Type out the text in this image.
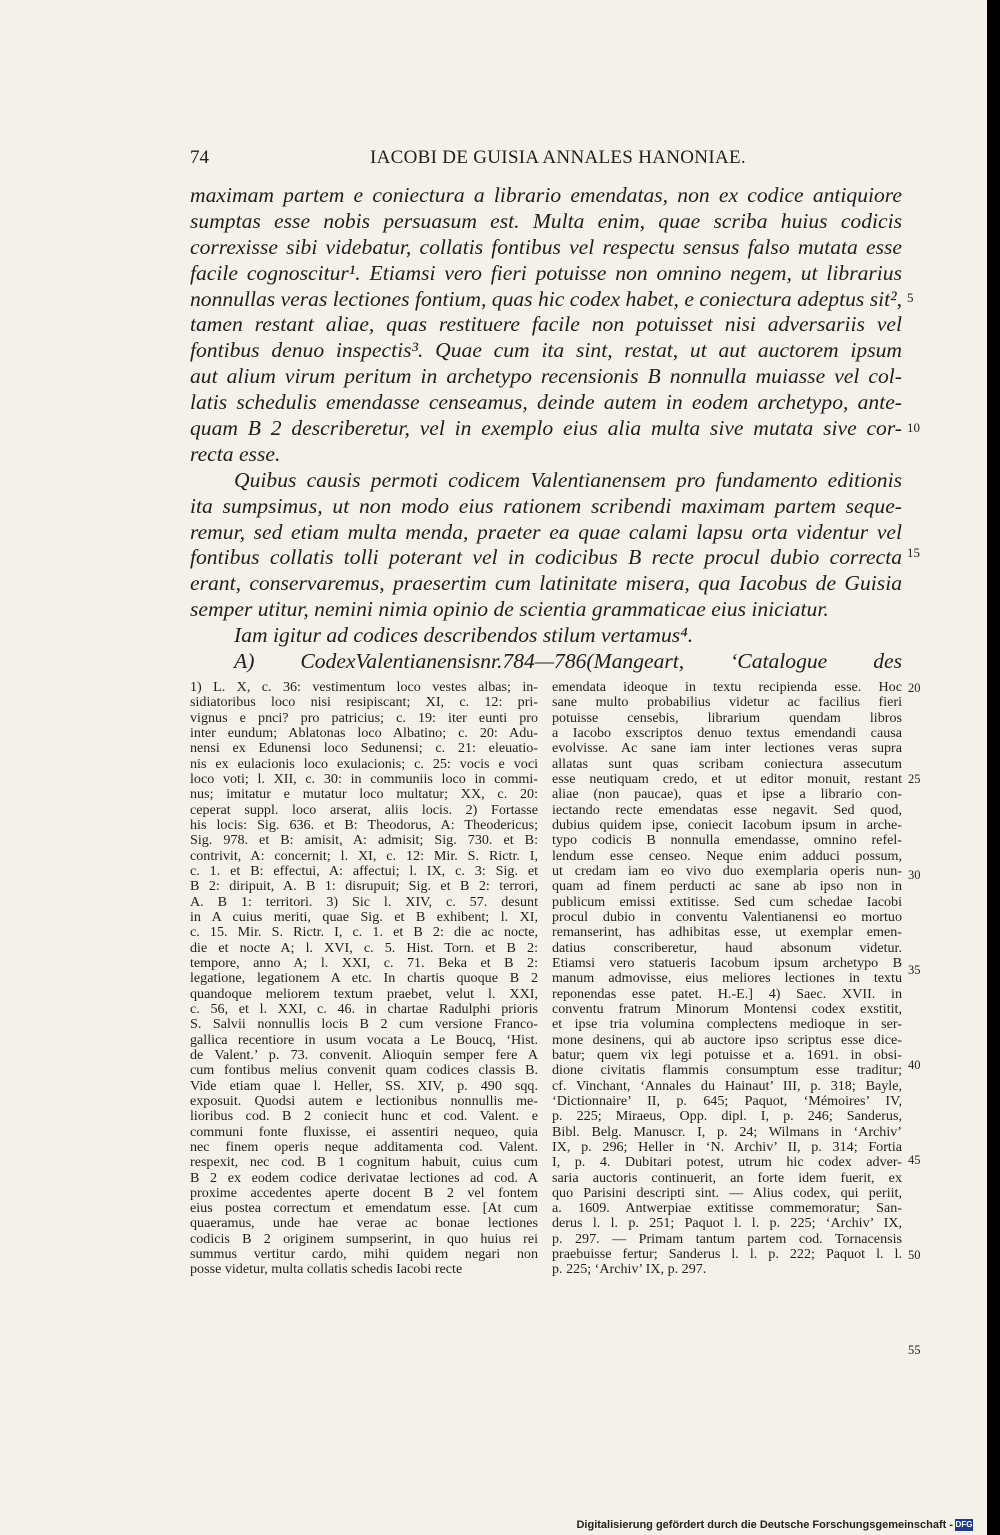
74	IACOBI DE GUISIA ANNALES HANONIAE.
maximam partem e coniectura a librario emendatas, non ex codice antiquiore
sumptas esse nobis persuasum est. Multa enim, quae scriba huius codicis
correxisse sibi videbatur, collatis fontibus vel respectu sensus falso mutata esse
facile cognoscitur¹. Etiamsi vero fieri potuisse non omnino negem, ut librarius
nonnullas veras lectiones fontium, quas hic codex habet, e coniectura adeptus sit²,
tamen restant aliae, quas restituere facile non potuisset nisi adversariis vel
fontibus denuo inspectis³. Quae cum ita sint, restat, ut aut auctorem ipsum
aut alium virum peritum in archetypo recensionis B nonnulla muiasse vel col-
latis schedulis emendasse censeamus, deinde autem in eodem archetypo, ante-
quam B 2 describeretur, vel in exemplo eius alia multa sive mutata sive cor-
recta esse.
Quibus causis permoti codicem Valentianensem pro fundamento editionis
ita sumpsimus, ut non modo eius rationem scribendi maximam partem seque-
remur, sed etiam multa menda, praeter ea quae calami lapsu orta videntur vel
fontibus collatis tolli poterant vel in codicibus B recte procul dubio correcta
erant, conservaremus, praesertim cum latinitate misera, qua Iacobus de Guisia
semper utitur, nemini nimia opinio de scientia grammaticae eius iniciatur.
Iam igitur ad codices describendos stilum vertamus⁴.
A) CodexValentianensisnr.784—786(Mangeart, ‘Catalogue des
5
10
15
1) L. X, c. 36: vestimentum loco vestes albas; in-
sidiatoribus loco nisi resipiscant; XI, c. 12: pri-
vignus e pnci? pro patricius; c. 19: iter eunti pro
inter eundum; Ablatonas loco Albatino; c. 20: Adu-
nensi ex Edunensi loco Sedunensi; c. 21: eleuatio-
nis ex eulacionis loco exulacionis; c. 25: vocis e voci
loco voti; l. XII, c. 30: in communiis loco in commi-
nus; imitatur e mutatur loco multatur; XX, c. 20:
ceperat suppl. loco arserat, aliis locis. 2) Fortasse
his locis: Sig. 636. et B: Theodorus, A: Theodericus;
Sig. 978. et B: amisit, A: admisit; Sig. 730. et B:
contrivit, A: concernit; l. XI, c. 12: Mir. S. Rictr. I,
c. 1. et B: effectui, A: affectui; l. IX, c. 3: Sig. et
B 2: diripuit, A. B 1: disrupuit; Sig. et B 2: terrori,
A. B 1: territori. 3) Sic l. XIV, c. 57. desunt
in A cuius meriti, quae Sig. et B exhibent; l. XI,
c. 15. Mir. S. Rictr. I, c. 1. et B 2: die ac nocte,
die et nocte A; l. XVI, c. 5. Hist. Torn. et B 2:
tempore, anno A; l. XXI, c. 71. Beka et B 2:
legatione, legationem A etc. In chartis quoque B 2
quandoque meliorem textum praebet, velut l. XXI,
c. 56, et l. XXI, c. 46. in chartae Radulphi prioris
S. Salvii nonnullis locis B 2 cum versione Franco-
gallica recentiore in usum vocata a Le Boucq, ‘Hist.
de Valent.’ p. 73. convenit. Alioquin semper fere A
cum fontibus melius convenit quam codices classis B.
Vide etiam quae l. Heller, SS. XIV, p. 490 sqq.
exposuit. Quodsi autem e lectionibus nonnullis me-
lioribus cod. B 2 coniecit hunc et cod. Valent. e
communi fonte fluxisse, ei assentiri nequeo, quia
nec finem operis neque additamenta cod. Valent.
respexit, nec cod. B 1 cognitum habuit, cuius cum
B 2 ex eodem codice derivatae lectiones ad cod. A
proxime accedentes aperte docent B 2 vel fontem
eius postea correctum et emendatum esse. [At cum
quaeramus, unde hae verae ac bonae lectiones
codicis B 2 originem sumpserint, in quo huius rei
summus vertitur cardo, mihi quidem negari non
posse videtur, multa collatis schedis Iacobi recte
emendata ideoque in textu recipienda esse. Hoc
sane multo probabilius videtur ac facilius fieri
potuisse censebis, librarium quendam libros
a Iacobo exscriptos denuo textus emendandi causa
evolvisse. Ac sane iam inter lectiones veras supra
allatas sunt quas scribam coniectura assecutum
esse neutiquam credo, et ut editor monuit, restant
aliae (non paucae), quas et ipse a librario con-
iectando recte emendatas esse negavit. Sed quod,
dubius quidem ipse, coniecit Iacobum ipsum in arche-
typo codicis B nonnulla emendasse, omnino refel-
lendum esse censeo. Neque enim adduci possum,
ut credam iam eo vivo duo exemplaria operis nun-
quam ad finem perducti ac sane ab ipso non in
publicum emissi extitisse. Sed cum schedae Iacobi
procul dubio in conventu Valentianensi eo mortuo
remanserint, has adhibitas esse, ut exemplar emen-
datius conscriberetur, haud absonum videtur.
Etiamsi vero statueris Iacobum ipsum archetypo B
manum admovisse, eius meliores lectiones in textu
reponendas esse patet. H.-E.] 4) Saec. XVII. in
conventu fratrum Minorum Montensi codex exstitit,
et ipse tria volumina complectens medioque in ser-
mone desinens, qui ab auctore ipso scriptus esse dice-
batur; quem vix legi potuisse et a. 1691. in obsi-
dione civitatis flammis consumptum esse traditur;
cf. Vinchant, ‘Annales du Hainaut’ III, p. 318; Bayle,
‘Dictionnaire’ II, p. 645; Paquot, ‘Mémoires’ IV,
p. 225; Miraeus, Opp. dipl. I, p. 246; Sanderus,
Bibl. Belg. Manuscr. I, p. 24; Wilmans in ‘Archiv’
IX, p. 296; Heller in ‘N. Archiv’ II, p. 314; Fortia
I, p. 4. Dubitari potest, utrum hic codex adver-
saria auctoris continuerit, an forte idem fuerit, ex
quo Parisini descripti sint. — Alius codex, qui periit,
a. 1609. Antwerpiae extitisse commemoratur; San-
derus l. l. p. 251; Paquot l. l. p. 225; ‘Archiv’ IX,
p. 297. — Primam tantum partem cod. Tornacensis
praebuisse fertur; Sanderus l. l. p. 222; Paquot l. l.
p. 225; ‘Archiv’ IX, p. 297.
20
25
30
35
40
45
50
55
Digitalisierung gefördert durch die Deutsche Forschungsgemeinschaft - DFG
